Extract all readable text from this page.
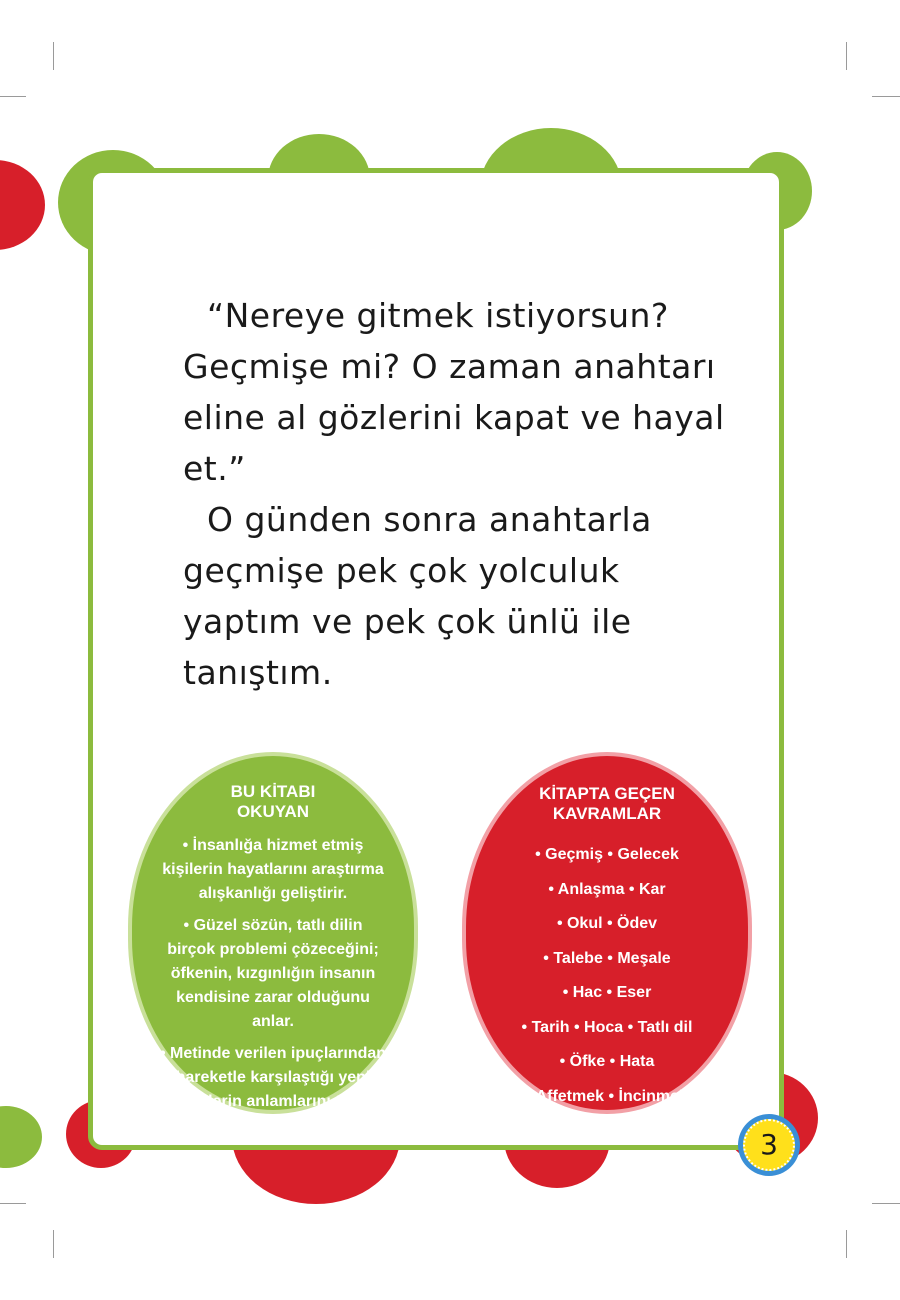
“Nereye gitmek istiyorsun? Geçmişe mi? O zaman anahtarı eline al gözlerini kapat ve hayal et.”

O günden sonra anahtarla geçmişe pek çok yolculuk yaptım ve pek çok ünlü ile tanıştım.

BU KİTABI
OKUYAN
• İnsanlığa hizmet etmiş kişilerin hayatlarını araştırma alışkanlığı geliştirir.
• Güzel sözün, tatlı dilin birçok problemi çözeceğini; öfkenin, kızgınlığın insanın kendisine zarar olduğunu anlar.
• Metinde verilen ipuçlarından hareketle karşılaştığı yeni kelimelerin anlamlarını tahmin eder.
KİTAPTA GEÇEN
KAVRAMLAR
• Geçmiş • Gelecek
• Anlaşma • Kar
• Okul • Ödev
• Talebe • Meşale
• Hac • Eser
• Tarih • Hoca • Tatlı dil
• Öfke • Hata
• Affetmek • İncinmek
3
